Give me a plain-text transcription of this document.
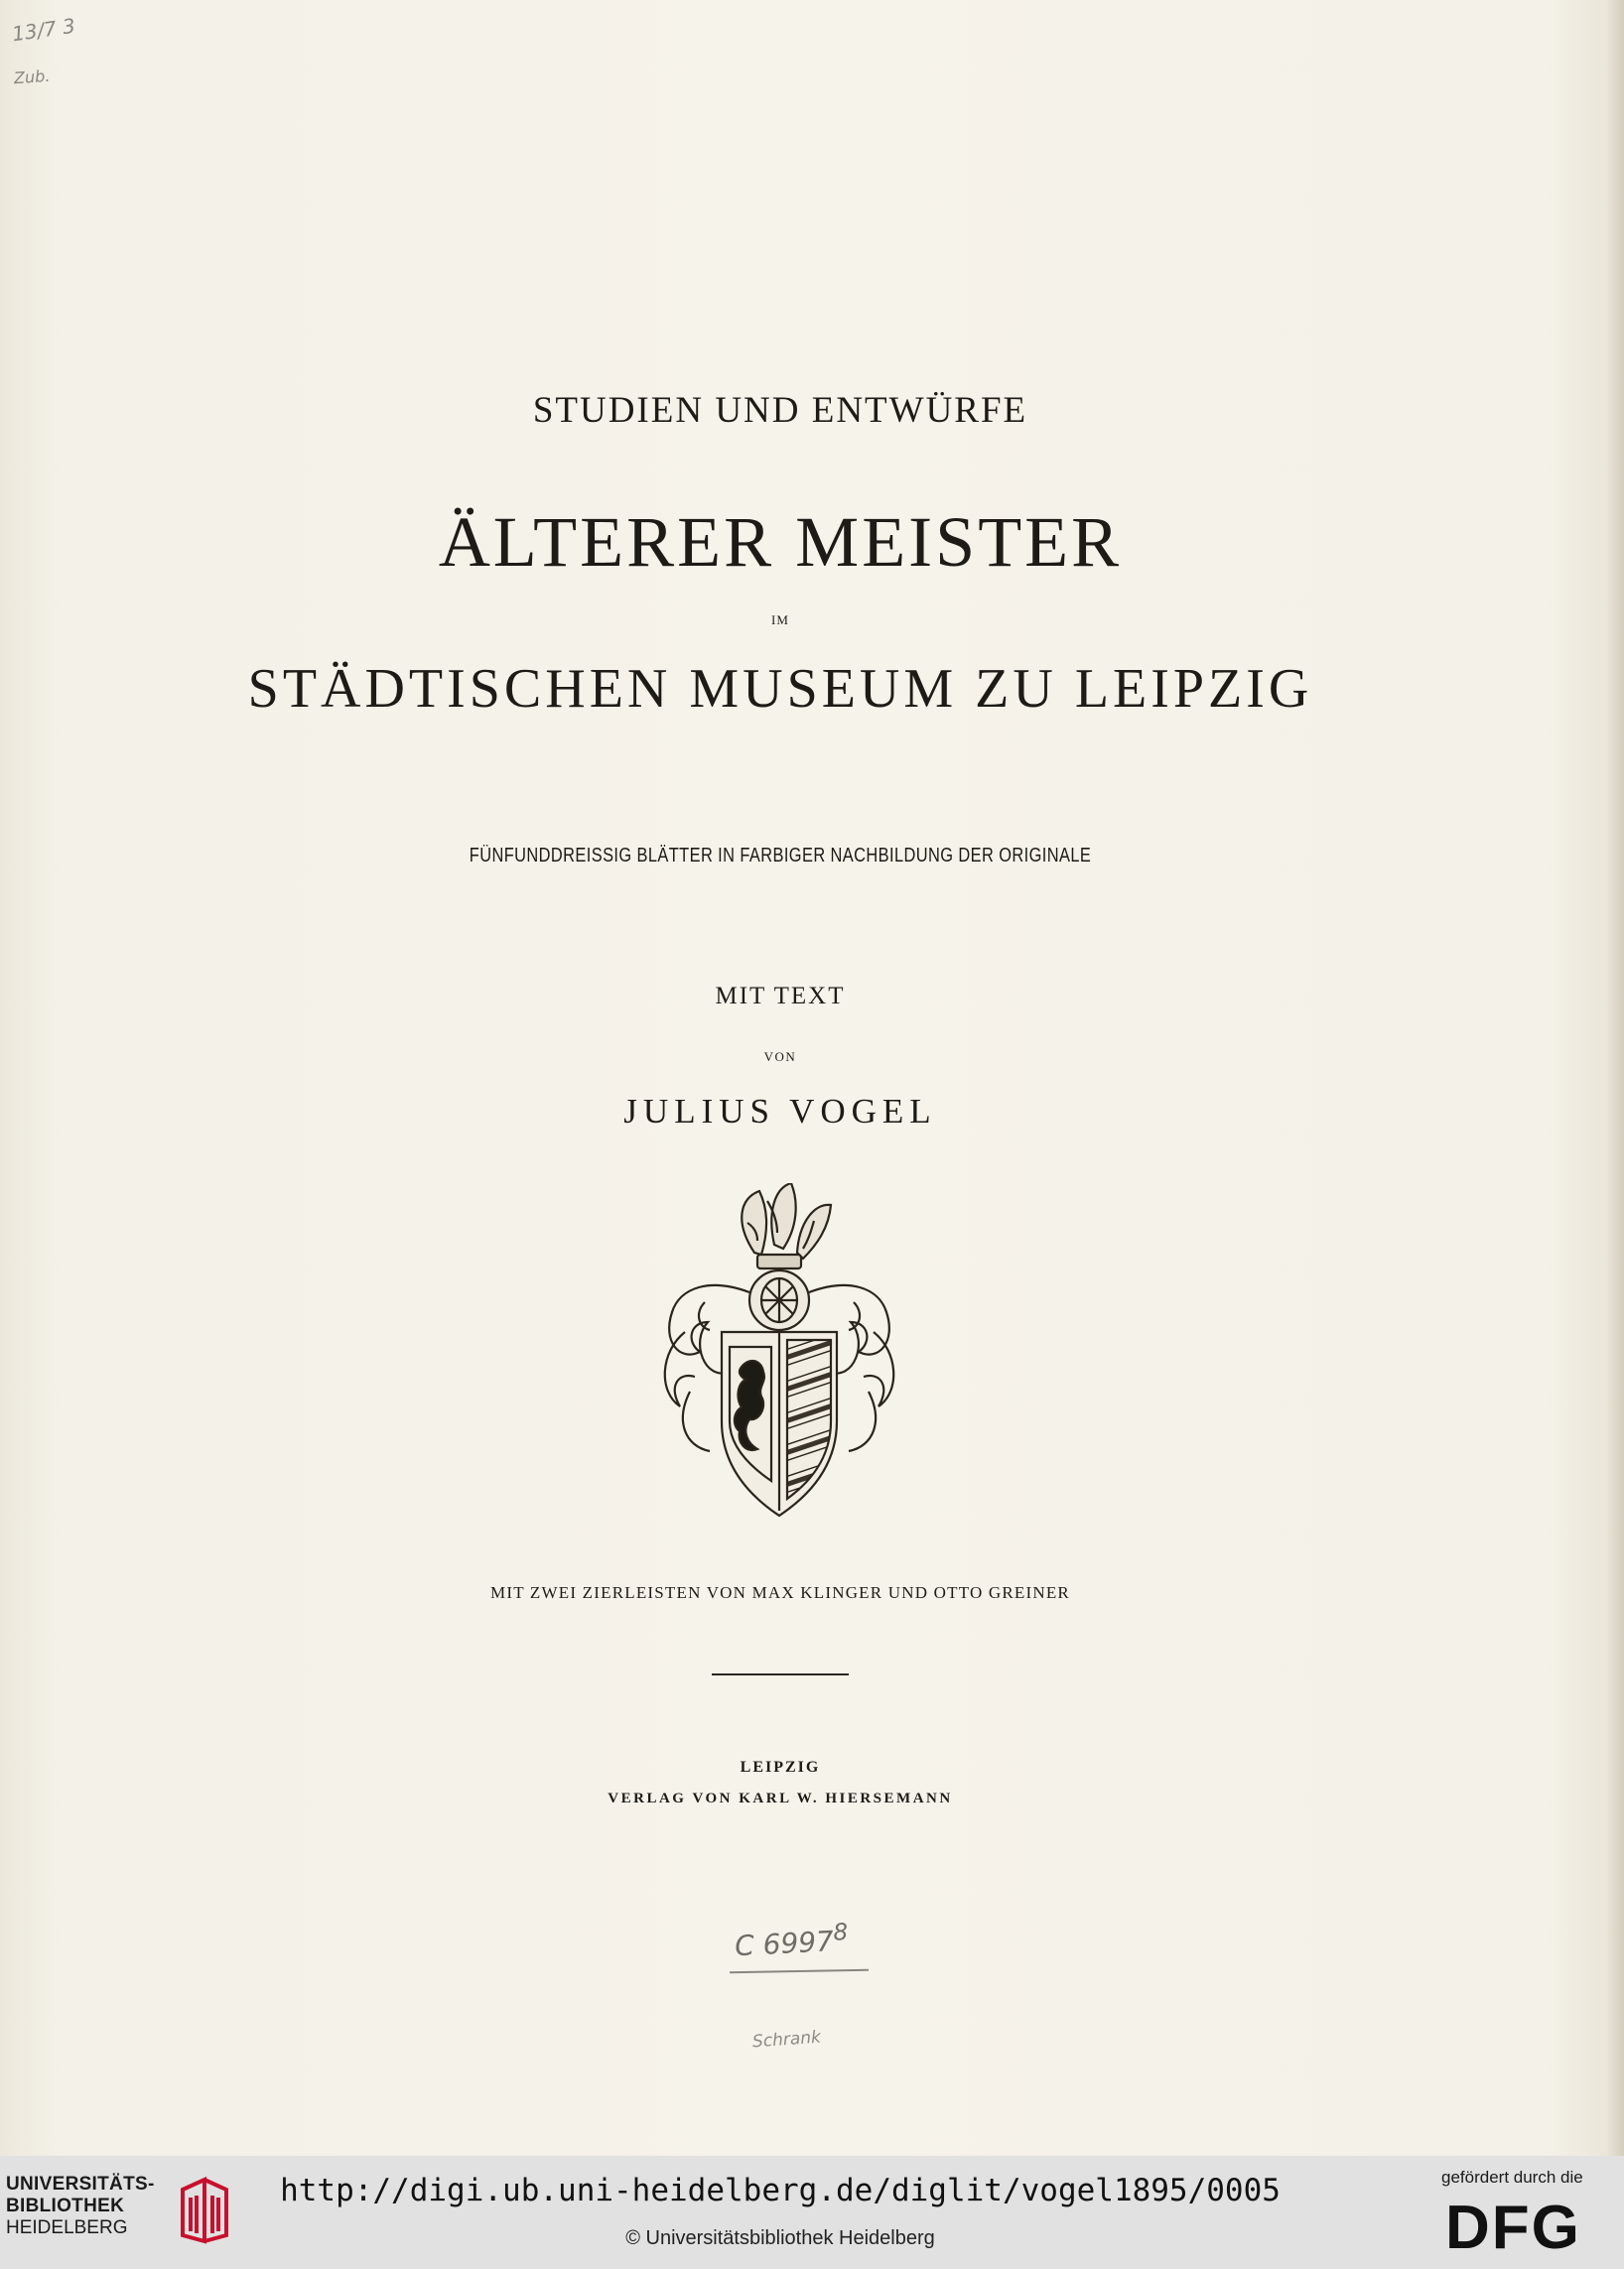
13/7 3
Zub.
STUDIEN UND ENTWÜRFE
ÄLTERER MEISTER
IM
STÄDTISCHEN MUSEUM ZU LEIPZIG
FÜNFUNDDREISSIG BLÄTTER IN FARBIGER NACHBILDUNG DER ORIGINALE
MIT TEXT
VON
JULIUS VOGEL
MIT ZWEI ZIERLEISTEN VON MAX KLINGER UND OTTO GREINER
LEIPZIG
VERLAG VON KARL W. HIERSEMANN
C 6997$^8$
Schrank
UNIVERSITÄTS-
BIBLIOTHEK
HEIDELBERG
http://digi.ub.uni-heidelberg.de/diglit/vogel1895/0005
© Universitätsbibliothek Heidelberg
gefördert durch die
DFG
